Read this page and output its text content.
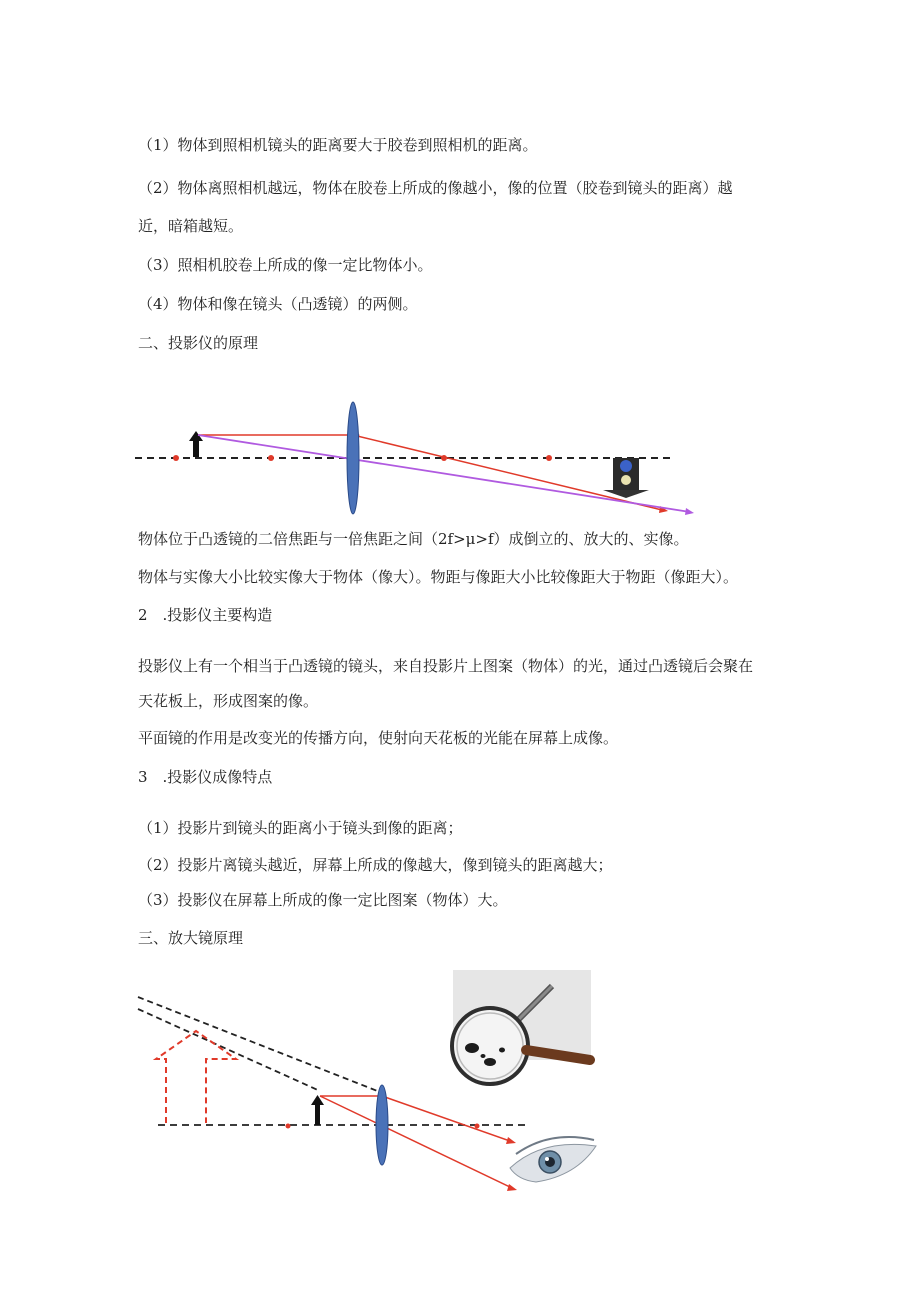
（1）物体到照相机镜头的距离要大于胶卷到照相机的距离。
（2）物体离照相机越远，物体在胶卷上所成的像越小，像的位置（胶卷到镜头的距离）越
近，暗箱越短。
（3）照相机胶卷上所成的像一定比物体小。
（4）物体和像在镜头（凸透镜）的两侧。
二、投影仪的原理
物体位于凸透镜的二倍焦距与一倍焦距之间（2f>μ>f）成倒立的、放大的、实像。
物体与实像大小比较实像大于物体（像大）。物距与像距大小比较像距大于物距（像距大）。
2　.投影仪主要构造
投影仪上有一个相当于凸透镜的镜头，来自投影片上图案（物体）的光，通过凸透镜后会聚在
天花板上，形成图案的像。
平面镜的作用是改变光的传播方向，使射向天花板的光能在屏幕上成像。
3　.投影仪成像特点
（1）投影片到镜头的距离小于镜头到像的距离；
（2）投影片离镜头越近，屏幕上所成的像越大，像到镜头的距离越大；
（3）投影仪在屏幕上所成的像一定比图案（物体）大。
三、放大镜原理
